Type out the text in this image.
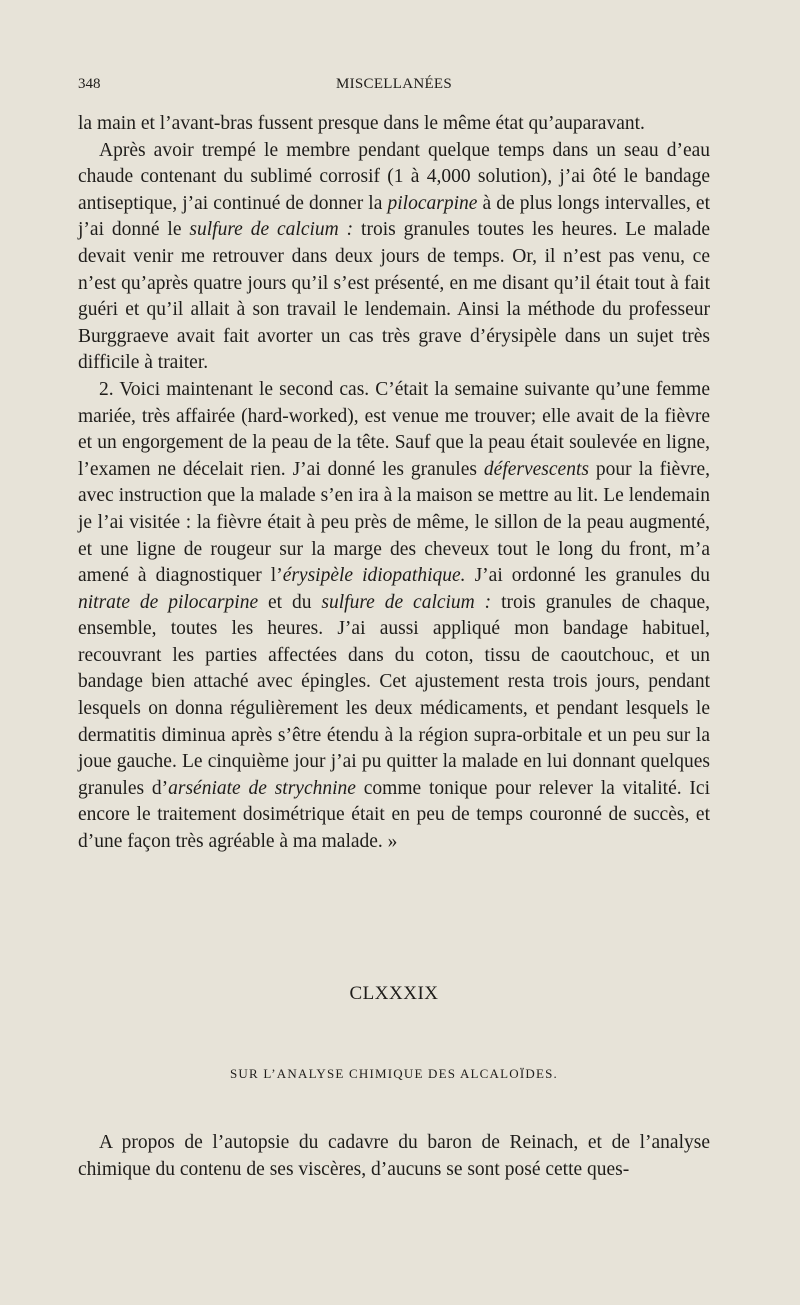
348	MISCELLANÉES

la main et l’avant-bras fussent presque dans le même état qu’auparavant.

Après avoir trempé le membre pendant quelque temps dans un seau d’eau chaude contenant du sublimé corrosif (1 à 4,000 solution), j’ai ôté le bandage antiseptique, j’ai continué de donner la pilocarpine à de plus longs intervalles, et j’ai donné le sulfure de calcium : trois granules toutes les heures. Le malade devait venir me retrouver dans deux jours de temps. Or, il n’est pas venu, ce n’est qu’après quatre jours qu’il s’est présenté, en me disant qu’il était tout à fait guéri et qu’il allait à son travail le lendemain. Ainsi la méthode du professeur Burggraeve avait fait avorter un cas très grave d’érysipèle dans un sujet très difficile à traiter.

2. Voici maintenant le second cas. C’était la semaine suivante qu’une femme mariée, très affairée (hard-worked), est venue me trouver; elle avait de la fièvre et un engorgement de la peau de la tête. Sauf que la peau était soulevée en ligne, l’examen ne décelait rien. J’ai donné les granules défervescents pour la fièvre, avec instruction que la malade s’en ira à la maison se mettre au lit. Le lendemain je l’ai visitée : la fièvre était à peu près de même, le sillon de la peau augmenté, et une ligne de rougeur sur la marge des cheveux tout le long du front, m’a amené à diagnostiquer l’érysipèle idiopathique. J’ai ordonné les granules du nitrate de pilocarpine et du sulfure de calcium : trois granules de chaque, ensemble, toutes les heures. J’ai aussi appliqué mon bandage habituel, recouvrant les parties affectées dans du coton, tissu de caoutchouc, et un bandage bien attaché avec épingles. Cet ajustement resta trois jours, pendant lesquels on donna régulièrement les deux médicaments, et pendant lesquels le dermatitis diminua après s’être étendu à la région supra-orbitale et un peu sur la joue gauche. Le cinquième jour j’ai pu quitter la malade en lui donnant quelques granules d’arséniate de strychnine comme tonique pour relever la vitalité. Ici encore le traitement dosimétrique était en peu de temps couronné de succès, et d’une façon très agréable à ma malade. »

CLXXXIX
SUR L’ANALYSE CHIMIQUE DES ALCALOÏDES.

A propos de l’autopsie du cadavre du baron de Reinach, et de l’analyse chimique du contenu de ses viscères, d’aucuns se sont posé cette ques-
